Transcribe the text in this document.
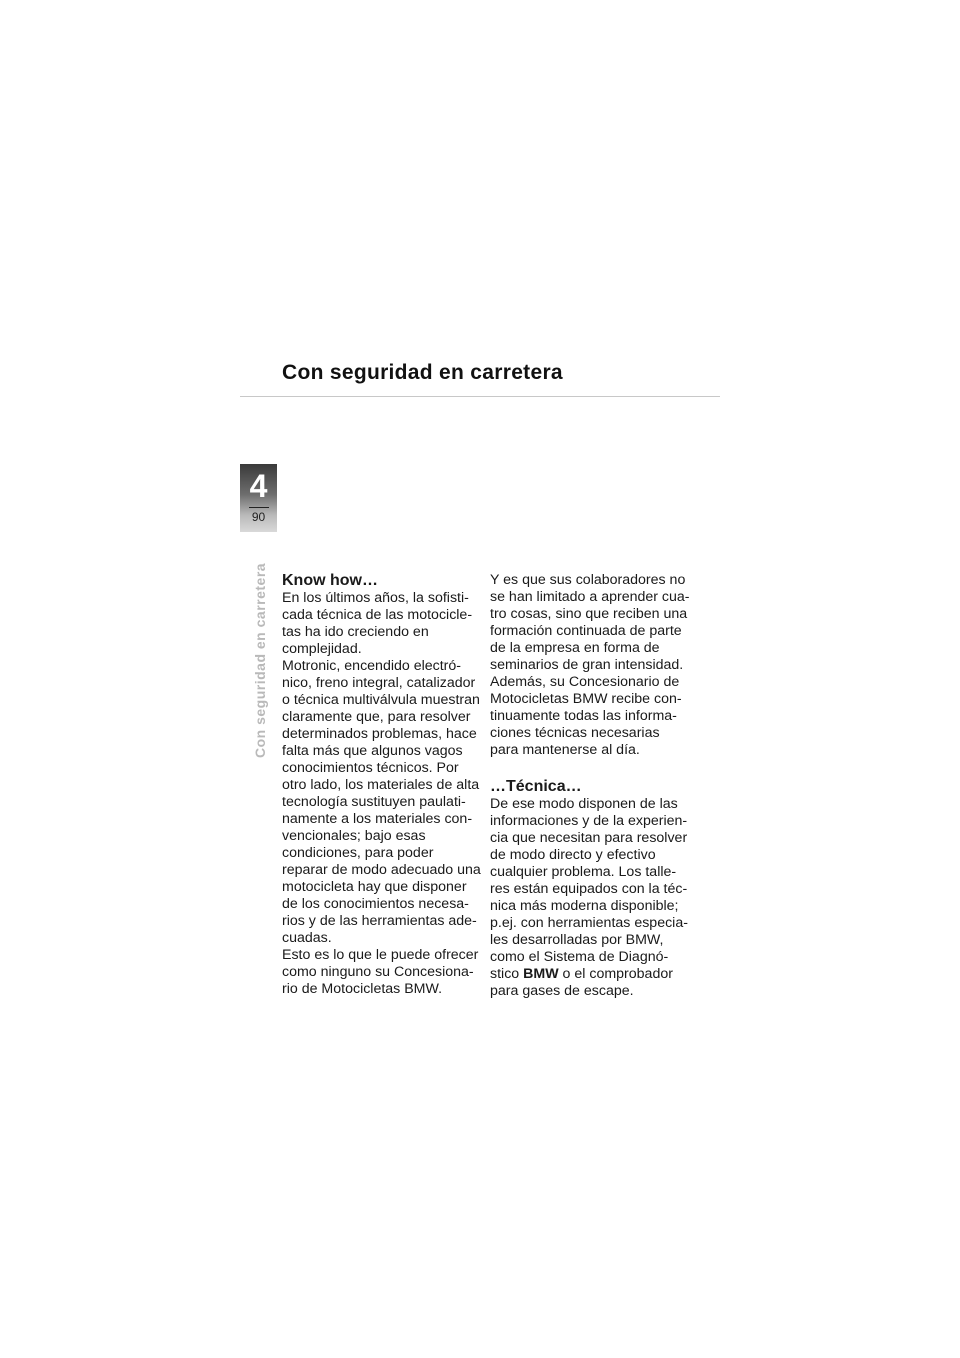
Con seguridad en carretera
4
90
Con seguridad en carretera Know how…
En los últimos años, la sofisti-
cada técnica de las motocicle-
tas ha ido creciendo en
complejidad.
Motronic, encendido electró-
nico, freno integral, catalizador
o técnica multiválvula muestran
claramente que, para resolver
determinados problemas, hace
falta más que algunos vagos
conocimientos técnicos. Por
otro lado, los materiales de alta
tecnología sustituyen paulati-
namente a los materiales con-
vencionales; bajo esas
condiciones, para poder
reparar de modo adecuado una
motocicleta hay que disponer
de los conocimientos necesa-
rios y de las herramientas ade-
cuadas.
Esto es lo que le puede ofrecer
como ninguno su Concesiona-
rio de Motocicletas BMW.
Y es que sus colaboradores no
se han limitado a aprender cua-
tro cosas, sino que reciben una
formación continuada de parte
de la empresa en forma de
seminarios de gran intensidad.
Además, su Concesionario de
Motocicletas BMW recibe con-
tinuamente todas las informa-
ciones técnicas necesarias
para mantenerse al día.
…Técnica…
De ese modo disponen de las
informaciones y de la experien-
cia que necesitan para resolver
de modo directo y efectivo
cualquier problema. Los talle-
res están equipados con la téc-
nica más moderna disponible;
p.ej. con herramientas especia-
les desarrolladas por BMW,
como el Sistema de Diagnó-
stico BMW o el comprobador
para gases de escape.
